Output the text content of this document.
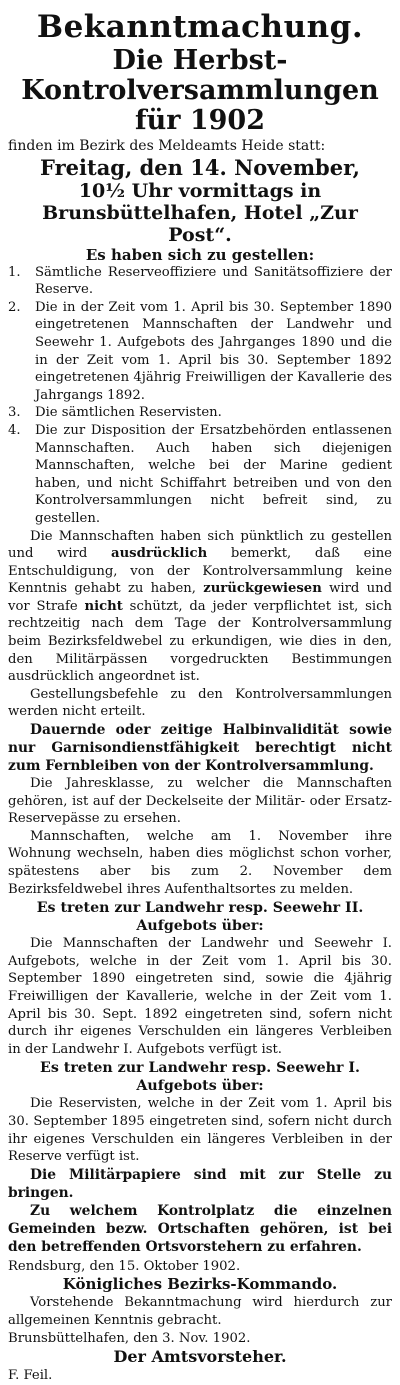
Bekanntmachung.
Die Herbst-Kontrolversammlungen für 1902

finden im Bezirk des Meldeamts Heide statt:

Freitag, den 14. November,

10½ Uhr vormittags in Brunsbüttelhafen, Hotel „Zur Post“.

Es haben sich zu gestellen:

1. Sämtliche Reserveoffiziere und Sanitätsoffiziere der Reserve.
2. Die in der Zeit vom 1. April bis 30. September 1890 eingetretenen Mannschaften der Landwehr und Seewehr 1. Aufgebots des Jahrganges 1890 und die in der Zeit vom 1. April bis 30. September 1892 eingetretenen 4jährig Freiwilligen der Kavallerie des Jahrgangs 1892.
3. Die sämtlichen Reservisten.
4. Die zur Disposition der Ersatzbehörden entlassenen Mannschaften. Auch haben sich diejenigen Mannschaften, welche bei der Marine gedient haben, und nicht Schiffahrt betreiben und von den Kontrolversammlungen nicht befreit sind, zu gestellen.

Die Mannschaften haben sich pünktlich zu gestellen und wird ausdrücklich bemerkt, daß eine Entschuldigung, von der Kontrolversammlung keine Kenntnis gehabt zu haben, zurückgewiesen wird und vor Strafe nicht schützt, da jeder verpflichtet ist, sich rechtzeitig nach dem Tage der Kontrolversammlung beim Bezirksfeldwebel zu erkundigen, wie dies in den, den Militärpässen vorgedruckten Bestimmungen ausdrücklich angeordnet ist.

Gestellungsbefehle zu den Kontrolversammlungen werden nicht erteilt.

Dauernde oder zeitige Halbinvalidität sowie nur Garnisondienstfähigkeit berechtigt nicht zum Fernbleiben von der Kontrolversammlung.

Die Jahresklasse, zu welcher die Mannschaften gehören, ist auf der Deckelseite der Militär- oder Ersatz-Reservepässe zu ersehen.

Mannschaften, welche am 1. November ihre Wohnung wechseln, haben dies möglichst schon vorher, spätestens aber bis zum 2. November dem Bezirksfeldwebel ihres Aufenthaltsortes zu melden.

Es treten zur Landwehr resp. Seewehr II. Aufgebots über:

Die Mannschaften der Landwehr und Seewehr I. Aufgebots, welche in der Zeit vom 1. April bis 30. September 1890 eingetreten sind, sowie die 4jährig Freiwilligen der Kavallerie, welche in der Zeit vom 1. April bis 30. Sept. 1892 eingetreten sind, sofern nicht durch ihr eigenes Verschulden ein längeres Verbleiben in der Landwehr I. Aufgebots verfügt ist.

Es treten zur Landwehr resp. Seewehr I. Aufgebots über:

Die Reservisten, welche in der Zeit vom 1. April bis 30. September 1895 eingetreten sind, sofern nicht durch ihr eigenes Verschulden ein längeres Verbleiben in der Reserve verfügt ist.

Die Militärpapiere sind mit zur Stelle zu bringen.

Zu welchem Kontrolplatz die einzelnen Gemeinden bezw. Ortschaften gehören, ist bei den betreffenden Ortsvorstehern zu erfahren.

Rendsburg, den 15. Oktober 1902.

Königliches Bezirks-Kommando.

Vorstehende Bekanntmachung wird hierdurch zur allgemeinen Kenntnis gebracht.

Brunsbüttelhafen, den 3. Nov. 1902.

Der Amtsvorsteher.

F. Feil.
